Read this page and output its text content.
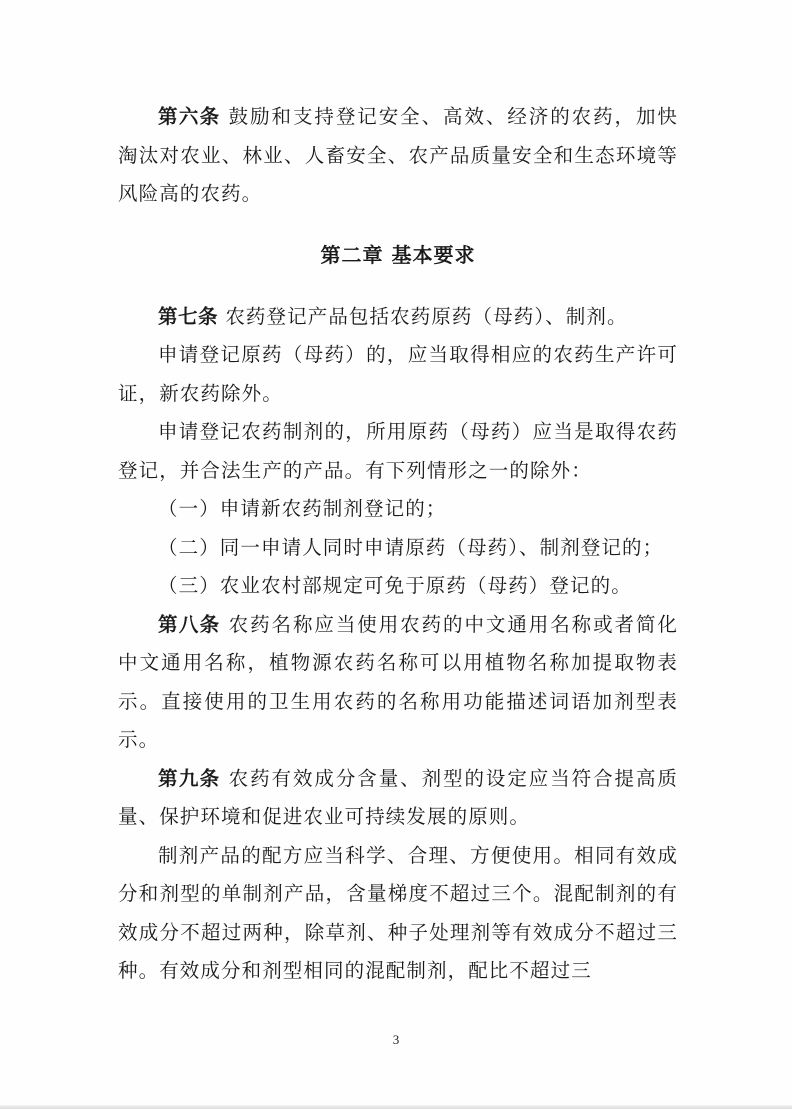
第六条 鼓励和支持登记安全、高效、经济的农药，加快淘汰对农业、林业、人畜安全、农产品质量安全和生态环境等风险高的农药。

第二章 基本要求

第七条 农药登记产品包括农药原药（母药）、制剂。

申请登记原药（母药）的，应当取得相应的农药生产许可证，新农药除外。

申请登记农药制剂的，所用原药（母药）应当是取得农药登记，并合法生产的产品。有下列情形之一的除外：

（一）申请新农药制剂登记的；

（二）同一申请人同时申请原药（母药）、制剂登记的；

（三）农业农村部规定可免于原药（母药）登记的。

第八条 农药名称应当使用农药的中文通用名称或者简化中文通用名称，植物源农药名称可以用植物名称加提取物表示。直接使用的卫生用农药的名称用功能描述词语加剂型表示。

第九条 农药有效成分含量、剂型的设定应当符合提高质量、保护环境和促进农业可持续发展的原则。

制剂产品的配方应当科学、合理、方便使用。相同有效成分和剂型的单制剂产品，含量梯度不超过三个。混配制剂的有效成分不超过两种，除草剂、种子处理剂等有效成分不超过三种。有效成分和剂型相同的混配制剂，配比不超过三

3
